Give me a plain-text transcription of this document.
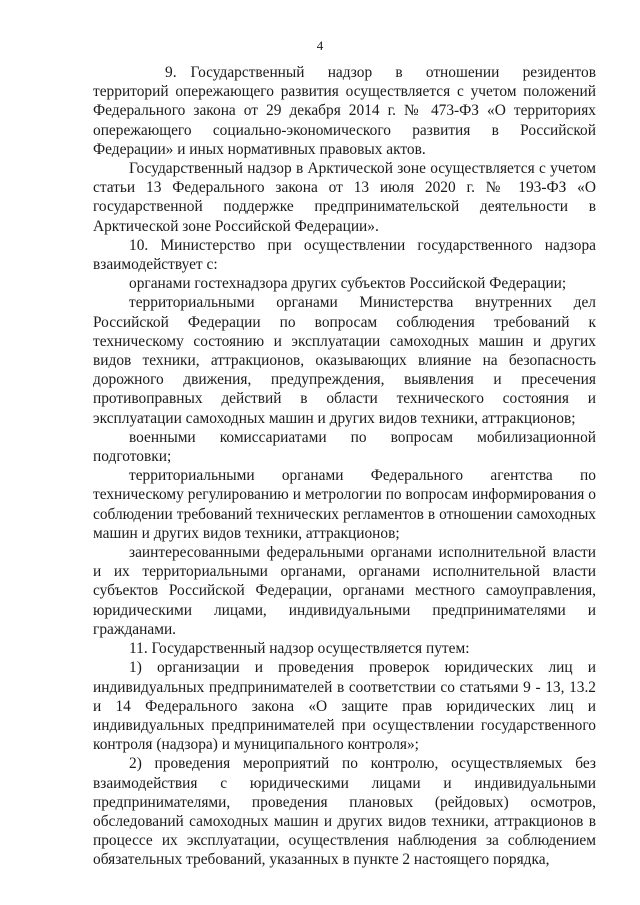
4

9. Государственный надзор в отношении резидентов территорий опережающего развития осуществляется с учетом положений Федерального закона от 29 декабря 2014 г. № 473-ФЗ «О территориях опережающего социально-экономического развития в Российской Федерации» и иных нормативных правовых актов.

Государственный надзор в Арктической зоне осуществляется с учетом статьи 13 Федерального закона от 13 июля 2020 г. № 193-ФЗ «О государственной поддержке предпринимательской деятельности в Арктической зоне Российской Федерации».

10. Министерство при осуществлении государственного надзора взаимодействует с:

органами гостехнадзора других субъектов Российской Федерации;

территориальными органами Министерства внутренних дел Российской Федерации по вопросам соблюдения требований к техническому состоянию и эксплуатации самоходных машин и других видов техники, аттракционов, оказывающих влияние на безопасность дорожного движения, предупреждения, выявления и пресечения противоправных действий в области технического состояния и эксплуатации самоходных машин и других видов техники, аттракционов;

военными комиссариатами по вопросам мобилизационной подготовки;

территориальными органами Федерального агентства по техническому регулированию и метрологии по вопросам информирования о соблюдении требований технических регламентов в отношении самоходных машин и других видов техники, аттракционов;

заинтересованными федеральными органами исполнительной власти и их территориальными органами, органами исполнительной власти субъектов Российской Федерации, органами местного самоуправления, юридическими лицами, индивидуальными предпринимателями и гражданами.

11. Государственный надзор осуществляется путем:

1) организации и проведения проверок юридических лиц и индивидуальных предпринимателей в соответствии со статьями 9 - 13, 13.2 и 14 Федерального закона «О защите прав юридических лиц и индивидуальных предпринимателей при осуществлении государственного контроля (надзора) и муниципального контроля»;

2) проведения мероприятий по контролю, осуществляемых без взаимодействия с юридическими лицами и индивидуальными предпринимателями, проведения плановых (рейдовых) осмотров, обследований самоходных машин и других видов техники, аттракционов в процессе их эксплуатации, осуществления наблюдения за соблюдением обязательных требований, указанных в пункте 2 настоящего порядка,
